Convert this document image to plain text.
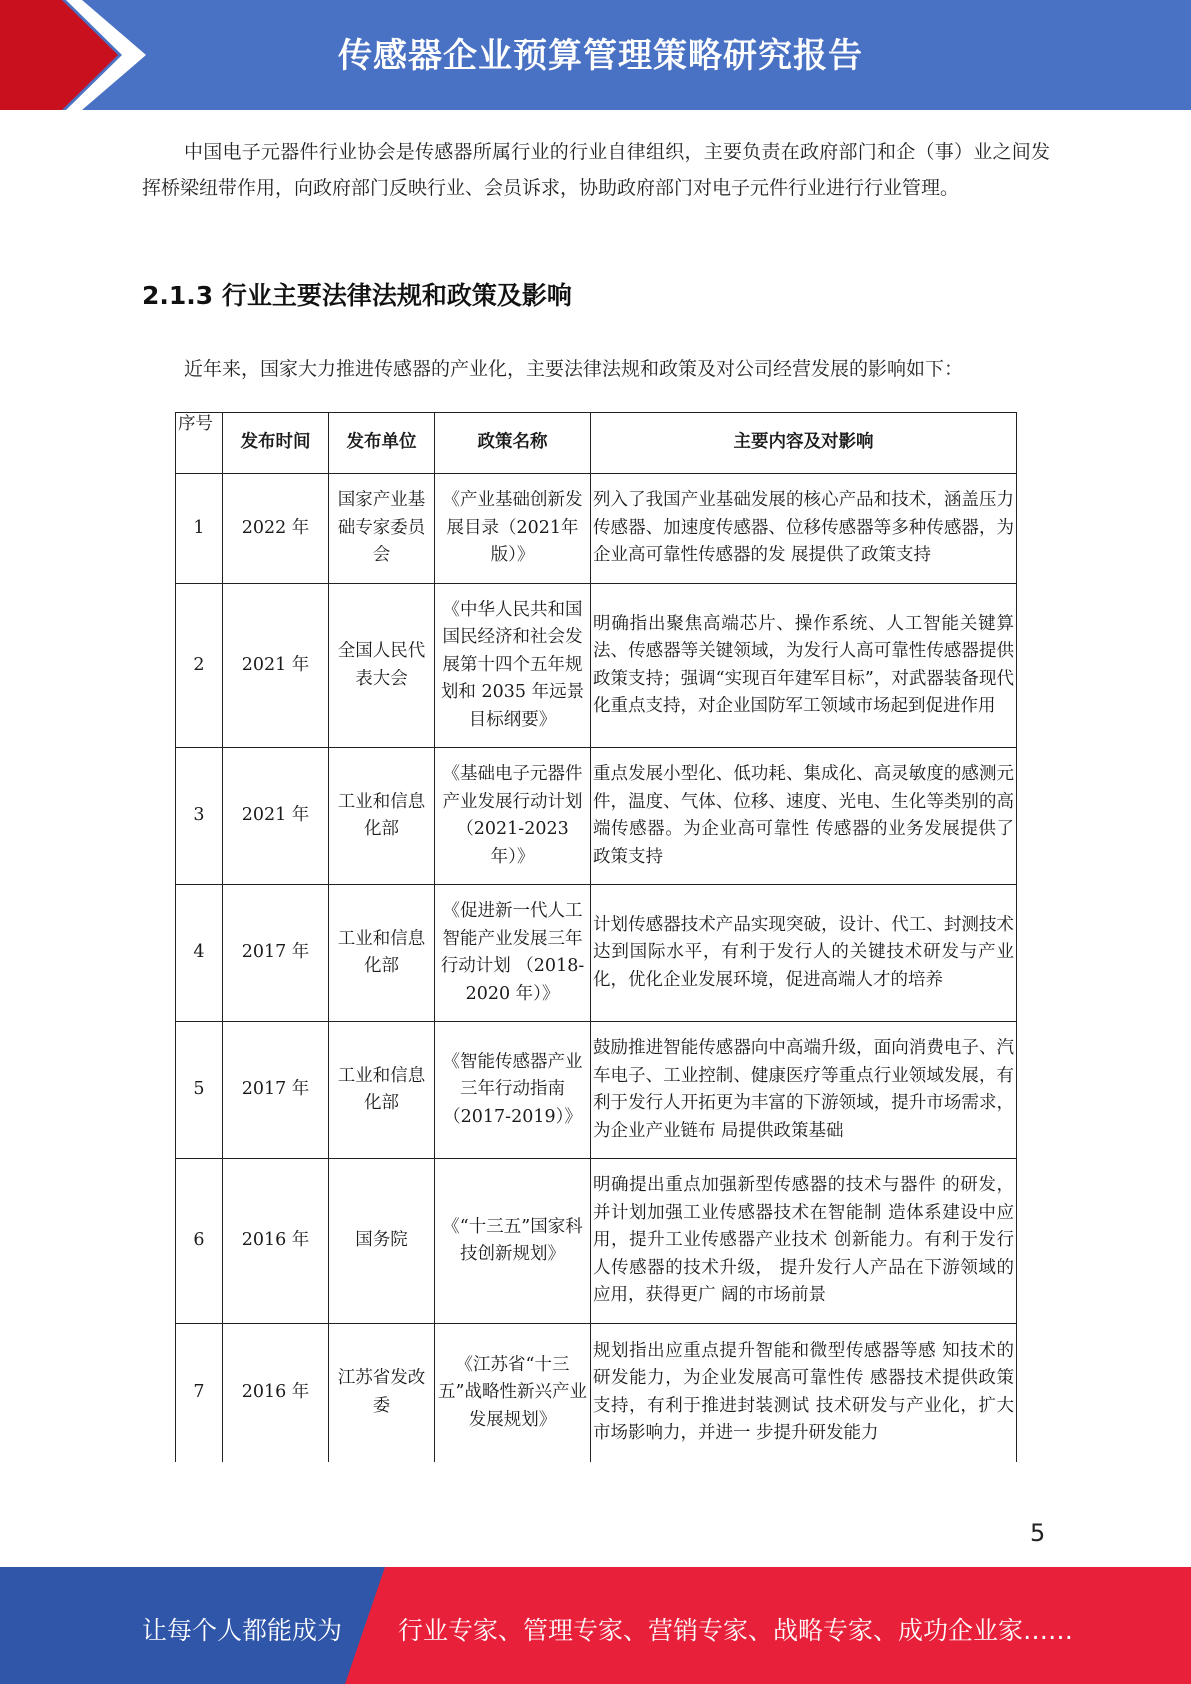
传感器企业预算管理策略研究报告
中国电子元器件行业协会是传感器所属行业的行业自律组织，主要负责在政府部门和企（事）业之间发挥桥梁纽带作用，向政府部门反映行业、会员诉求，协助政府部门对电子元件行业进行行业管理。
2.1.3 行业主要法律法规和政策及影响
近年来，国家大力推进传感器的产业化，主要法律法规和政策及对公司经营发展的影响如下：
序号	发布时间	发布单位	政策名称	主要内容及对影响
1	2022 年	国家产业基础专家委员会	《产业基础创新发展目录（2021年版）》	列入了我国产业基础发展的核心产品和技术，涵盖压力传感器、加速度传感器、位移传感器等多种传感器，为企业高可靠性传感器的发 展提供了政策支持
2	2021 年	全国人民代表大会	《中华人民共和国国民经济和社会发展第十四个五年规划和 2035 年远景目标纲要》	明确指出聚焦高端芯片、操作系统、人工智能关键算法、传感器等关键领域，为发行人高可靠性传感器提供政策支持；强调“实现百年建军目标”，对武器装备现代化重点支持，对企业国防军工领域市场起到促进作用
3	2021 年	工业和信息化部	《基础电子元器件产业发展行动计划 （2021-2023 年）》	重点发展小型化、低功耗、集成化、高灵敏度的感测元件，温度、气体、位移、速度、光电、生化等类别的高端传感器。为企业高可靠性 传感器的业务发展提供了政策支持
4	2017 年	工业和信息化部	《促进新一代人工智能产业发展三年行动计划 （2018-2020 年）》	计划传感器技术产品实现突破，设计、代工、封测技术达到国际水平，有利于发行人的关键技术研发与产业化，优化企业发展环境，促进高端人才的培养
5	2017 年	工业和信息化部	《智能传感器产业三年行动指南（2017-2019）》	鼓励推进智能传感器向中高端升级，面向消费电子、汽车电子、工业控制、健康医疗等重点行业领域发展，有利于发行人开拓更为丰富的下游领域，提升市场需求，为企业产业链布 局提供政策基础
6	2016 年	国务院	《“十三五”国家科技创新规划》	明确提出重点加强新型传感器的技术与器件 的研发，并计划加强工业传感器技术在智能制 造体系建设中应用，提升工业传感器产业技术 创新能力。有利于发行人传感器的技术升级， 提升发行人产品在下游领域的应用，获得更广 阔的市场前景
7	2016 年	江苏省发改委	《江苏省“十三五”战略性新兴产业发展规划》	规划指出应重点提升智能和微型传感器等感 知技术的研发能力，为企业发展高可靠性传 感器技术提供政策支持，有利于推进封装测试 技术研发与产业化，扩大市场影响力，并进一 步提升研发能力
5
让每个人都能成为 行业专家、管理专家、营销专家、战略专家、成功企业家……
